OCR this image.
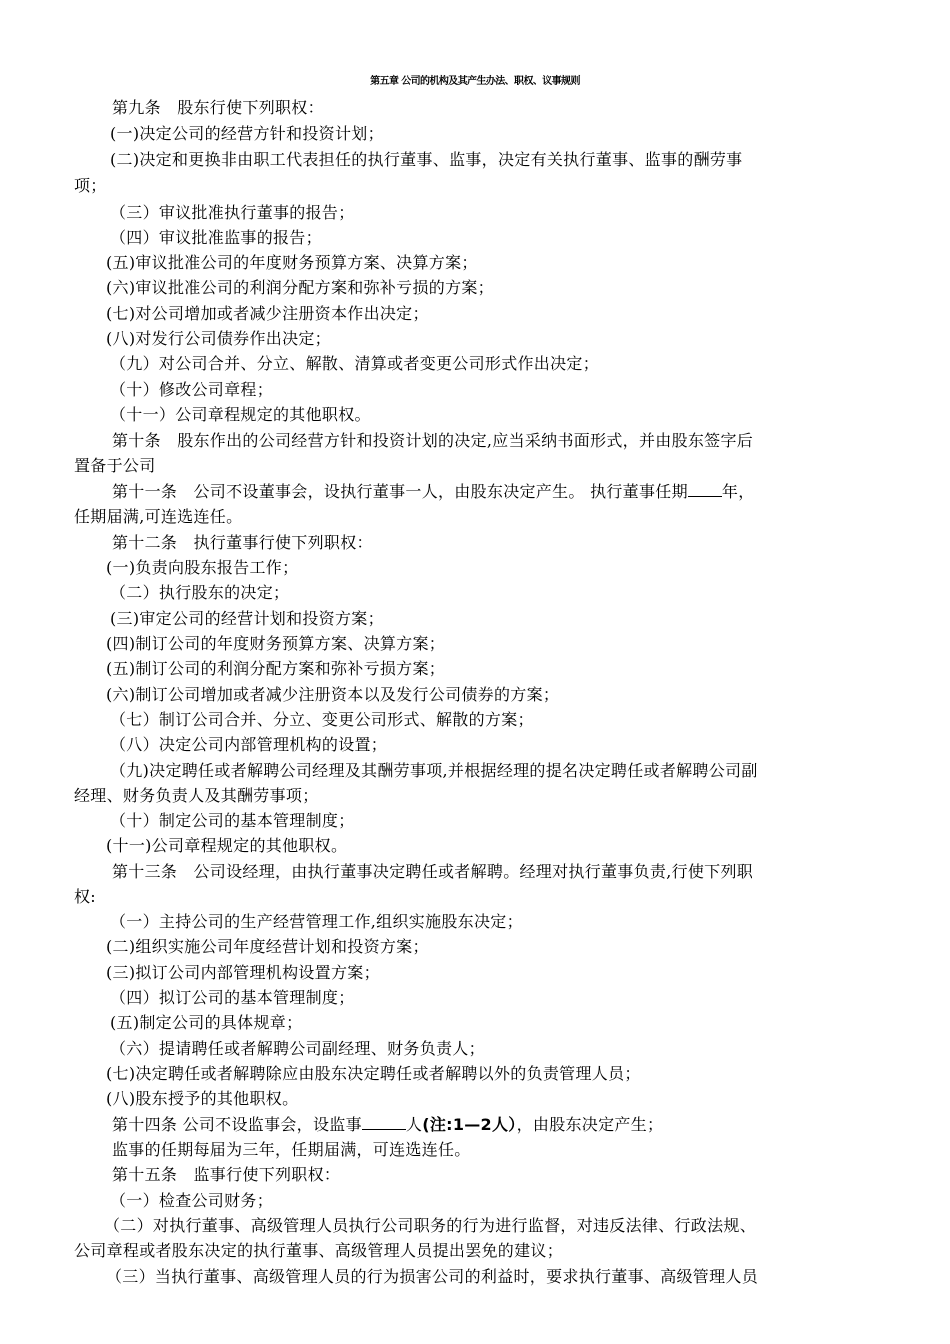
第五章 公司的机构及其产生办法、职权、议事规则
第九条　股东行使下列职权：
(一)决定公司的经营方针和投资计划；
(二)决定和更换非由职工代表担任的执行董事、监事，决定有关执行董事、监事的酬劳事
项；
（三）审议批准执行董事的报告；
（四）审议批准监事的报告；
(五)审议批准公司的年度财务预算方案、决算方案；
(六)审议批准公司的利润分配方案和弥补亏损的方案；
(七)对公司增加或者减少注册资本作出决定；
(八)对发行公司债券作出决定；
（九）对公司合并、分立、解散、清算或者变更公司形式作出决定；
（十）修改公司章程；
（十一）公司章程规定的其他职权。
第十条　股东作出的公司经营方针和投资计划的决定,应当采纳书面形式，并由股东签字后
置备于公司
第十一条　公司不设董事会，设执行董事一人，由股东决定产生。 执行董事任期 年，
任期届满,可连选连任。
第十二条　执行董事行使下列职权：
(一)负责向股东报告工作；
（二）执行股东的决定；
(三)审定公司的经营计划和投资方案；
(四)制订公司的年度财务预算方案、决算方案；
(五)制订公司的利润分配方案和弥补亏损方案；
(六)制订公司增加或者减少注册资本以及发行公司债券的方案；
（七）制订公司合并、分立、变更公司形式、解散的方案；
（八）决定公司内部管理机构的设置；
（九)决定聘任或者解聘公司经理及其酬劳事项,并根据经理的提名决定聘任或者解聘公司副
经理、财务负责人及其酬劳事项；
（十）制定公司的基本管理制度；
(十一)公司章程规定的其他职权。
第十三条　公司设经理，由执行董事决定聘任或者解聘。经理对执行董事负责,行使下列职
权:
（一）主持公司的生产经营管理工作,组织实施股东决定；
(二)组织实施公司年度经营计划和投资方案；
(三)拟订公司内部管理机构设置方案；
（四）拟订公司的基本管理制度；
(五)制定公司的具体规章；
（六）提请聘任或者解聘公司副经理、财务负责人；
(七)决定聘任或者解聘除应由股东决定聘任或者解聘以外的负责管理人员；
(八)股东授予的其他职权。
第十四条 公司不设监事会，设监事	人(注:1—2人），由股东决定产生；
监事的任期每届为三年，任期届满，可连选连任。
第十五条　监事行使下列职权：
（一）检查公司财务；
（二）对执行董事、高级管理人员执行公司职务的行为进行监督，对违反法律、行政法规、
公司章程或者股东决定的执行董事、高级管理人员提出罢免的建议；
（三）当执行董事、高级管理人员的行为损害公司的利益时，要求执行董事、高级管理人员
